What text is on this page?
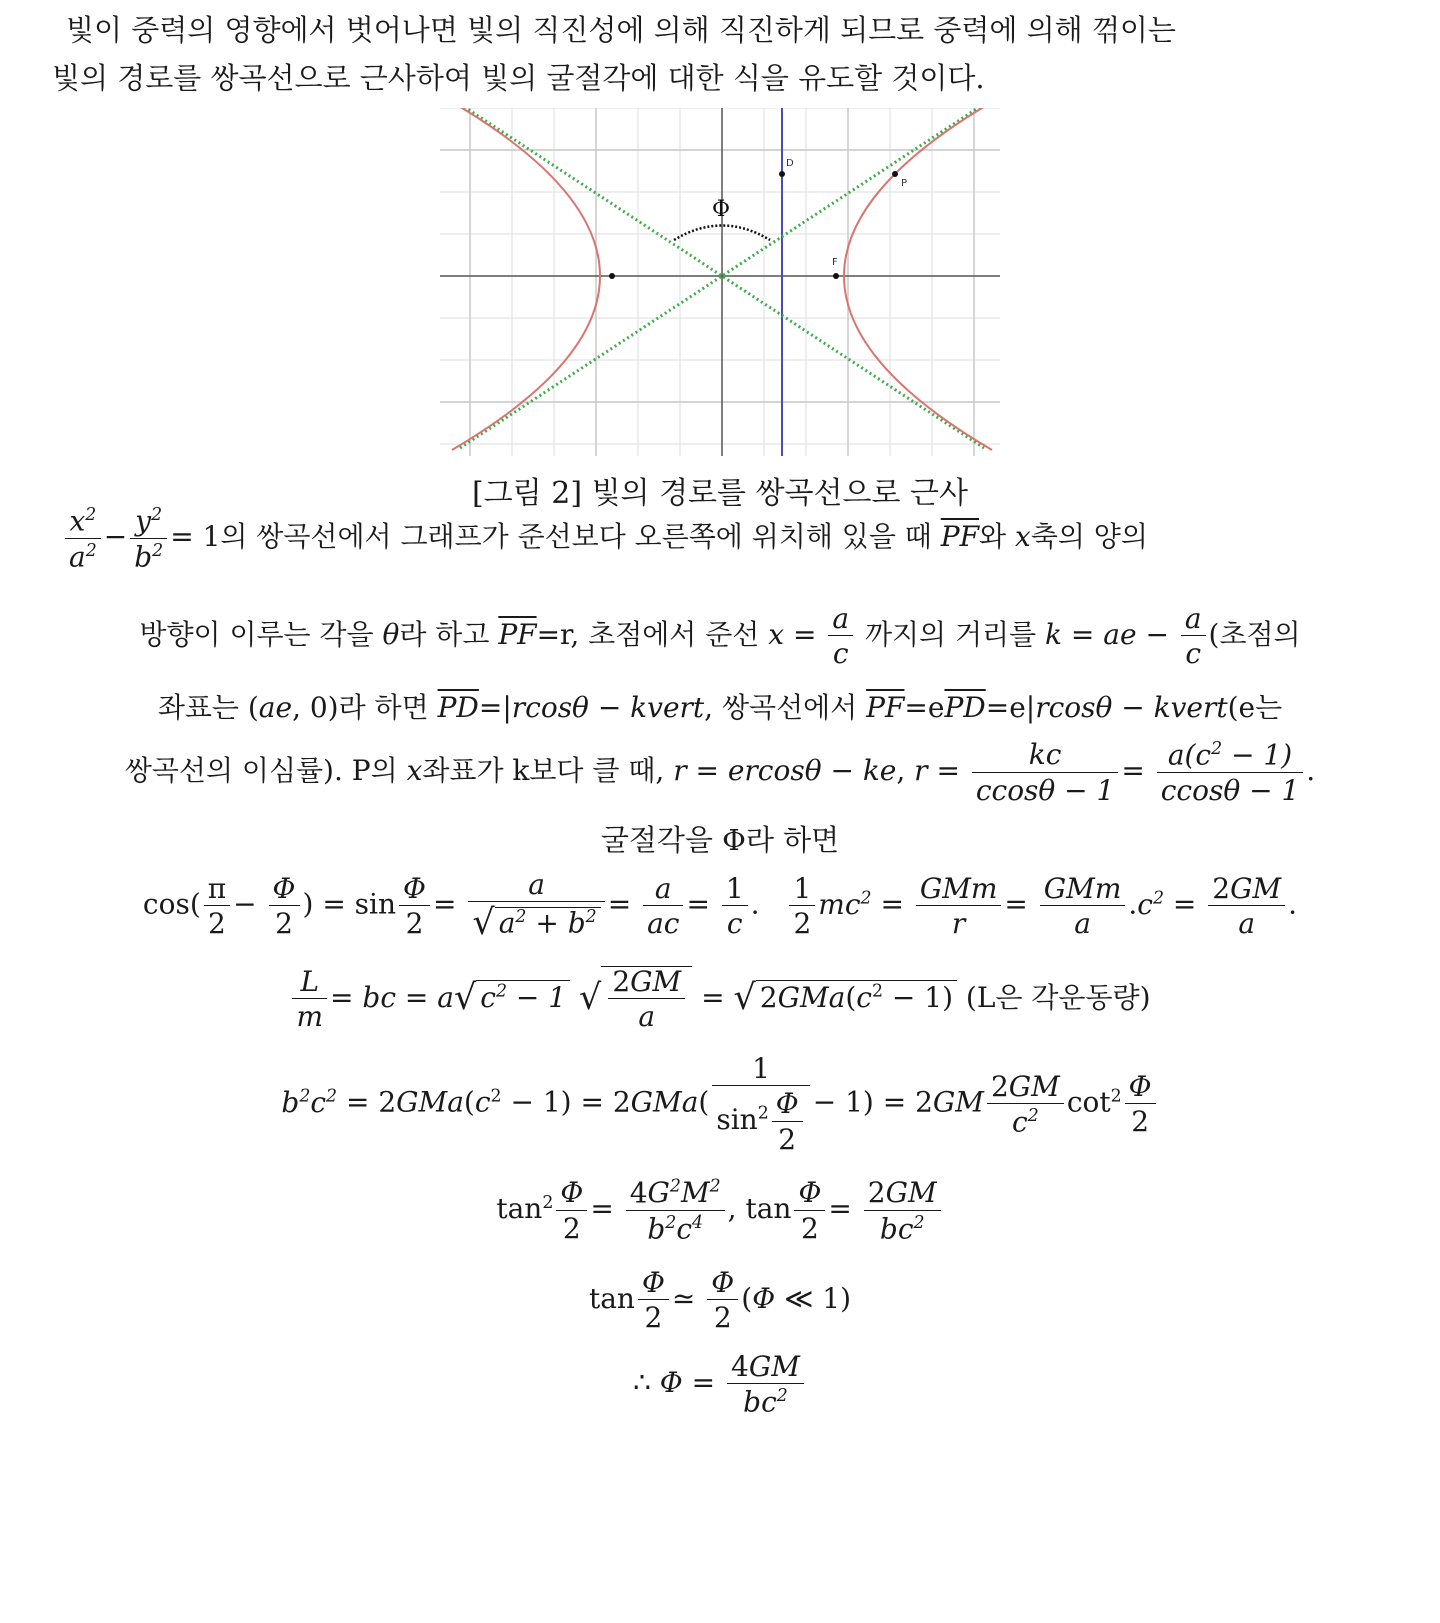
빛이 중력의 영향에서 벗어나면 빛의 직진성에 의해 직진하게 되므로 중력에 의해 꺾이는
빛의 경로를 쌍곡선으로 근사하여 빛의 굴절각에 대한 식을 유도할 것이다.
Φ
D
P
F
[그림 2] 빛의 경로를 쌍곡선으로 근사
$\frac{x^2}{a^2} - \frac{y^2}{b^2} = 1$의 쌍곡선에서 그래프가 준선보다 오른쪽에 위치해 있을 때 $\overline{PF}$와 x축의 양의
방향이 이루는 각을 θ라 하고 $\overline{PF}=r$, 초점에서 준선 $x = \frac{a}{c}$ 까지의 거리를 k = ae − $\frac{a}{c}$ (초점의
좌표는 (ae, 0)라 하면 $\overline{PD}=|rcos\theta$ − kvert, 쌍곡선에서 $\overline{PF}=e\overline{PD}=e|rcos\theta$ − kvert(e는
쌍곡선의 이심률). P의 x좌표가 k보다 클 때, r = ercosθ − ke, $r = \frac{kc}{ccos\theta - 1} = \frac{a(c^2 - 1)}{ccos\theta - 1}$ .
굴절각을 Φ라 하면
$\cos( \frac{\pi}{2} - \frac{\Phi}{2}$ ) = $\sin \frac{\Phi}{2} = \frac{a}{√ a^2 + b^2} = \frac{a}{ac} = \frac{1}{c}$ . $\frac{1}{2} mc^2 = \frac{\text{GMm}}{r} = \frac{\text{GMm}}{a} .c^2 = \frac{2GM}{a}$ .
$\frac{L}{m}$ = bc = a√ $c^2 - 1$ √ $\frac{2GM}{a}$ = √ $2GMa(c^2 - 1)$ (L은 각운동량)
$b^2c^2 = 2GMa(c^2 - 1) = 2GMa( \frac{1}{\sin^2 \frac{\Phi}{2}} - 1) = 2GM \frac{2GM}{c^2} \cot^2 \frac{\Phi}{2}$
$\tan^2 \frac{\Phi}{2} = \frac{4G^2M^2}{b^2c^4}$ , $\tan \frac{\Phi}{2} = \frac{2GM}{bc^2}$
$\tan \frac{\Phi}{2}$ ≃ $\frac{\Phi}{2} (\Phi$ ≪ 1)
∴ $\Phi = \frac{4GM}{bc^2}$
